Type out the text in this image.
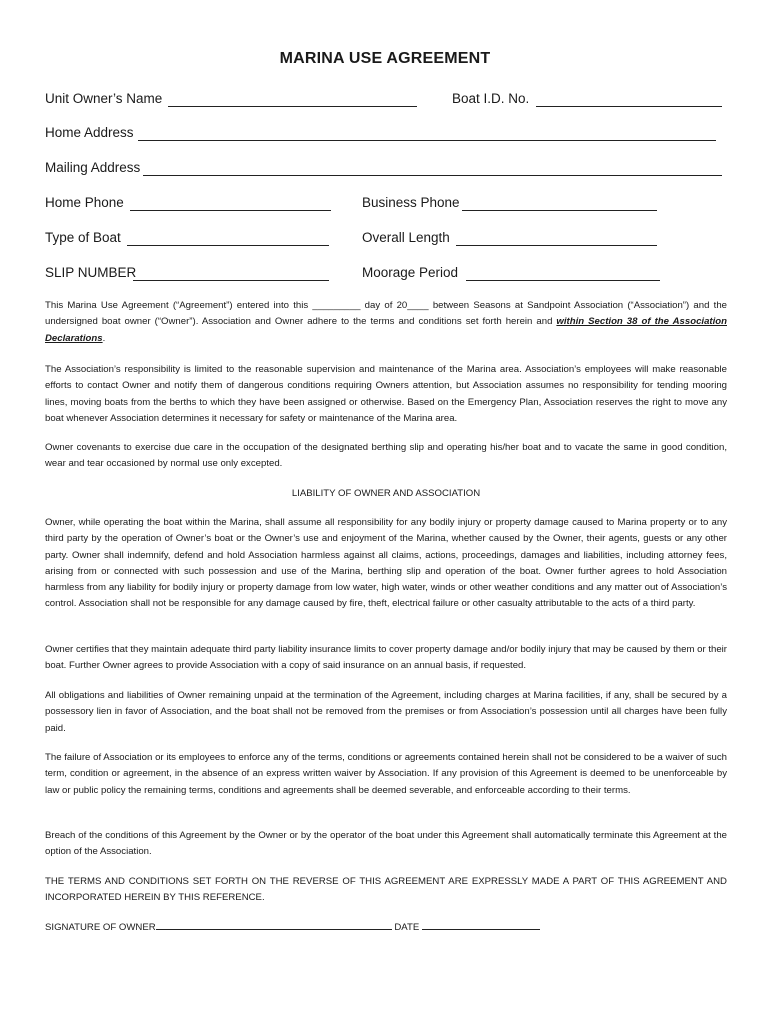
MARINA USE AGREEMENT
Unit Owner’s Name	Boat I.D. No.
Home Address
Mailing Address
Home Phone	Business Phone
Type of Boat	Overall Length
SLIP NUMBER	Moorage Period

This Marina Use Agreement (“Agreement”) entered into this _________ day of 20____ between Seasons at Sandpoint Association (“Association”) and the undersigned boat owner (“Owner”). Association and Owner adhere to the terms and conditions set forth herein and within Section 38 of the Association Declarations.

The Association’s responsibility is limited to the reasonable supervision and maintenance of the Marina area. Association’s employees will make reasonable efforts to contact Owner and notify them of dangerous conditions requiring Owners attention, but Association assumes no responsibility for tending mooring lines, moving boats from the berths to which they have been assigned or otherwise. Based on the Emergency Plan, Association reserves the right to move any boat whenever Association determines it necessary for safety or maintenance of the Marina area.

Owner covenants to exercise due care in the occupation of the designated berthing slip and operating his/her boat and to vacate the same in good condition, wear and tear occasioned by normal use only excepted.

LIABILITY OF OWNER AND ASSOCIATION

Owner, while operating the boat within the Marina, shall assume all responsibility for any bodily injury or property damage caused to Marina property or to any third party by the operation of Owner’s boat or the Owner’s use and enjoyment of the Marina, whether caused by the Owner, their agents, guests or any other party. Owner shall indemnify, defend and hold Association harmless against all claims, actions, proceedings, damages and liabilities, including attorney fees, arising from or connected with such possession and use of the Marina, berthing slip and operation of the boat. Owner further agrees to hold Association harmless from any liability for bodily injury or property damage from low water, high water, winds or other weather conditions and any matter out of Association’s control. Association shall not be responsible for any damage caused by fire, theft, electrical failure or other casualty attributable to the acts of a third party.

Owner certifies that they maintain adequate third party liability insurance limits to cover property damage and/or bodily injury that may be caused by them or their boat. Further Owner agrees to provide Association with a copy of said insurance on an annual basis, if requested.

All obligations and liabilities of Owner remaining unpaid at the termination of the Agreement, including charges at Marina facilities, if any, shall be secured by a possessory lien in favor of Association, and the boat shall not be removed from the premises or from Association’s possession until all charges have been fully paid.

The failure of Association or its employees to enforce any of the terms, conditions or agreements contained herein shall not be considered to be a waiver of such term, condition or agreement, in the absence of an express written waiver by Association. If any provision of this Agreement is deemed to be unenforceable by law or public policy the remaining terms, conditions and agreements shall be deemed severable, and enforceable according to their terms.

Breach of the conditions of this Agreement by the Owner or by the operator of the boat under this Agreement shall automatically terminate this Agreement at the option of the Association.

THE TERMS AND CONDITIONS SET FORTH ON THE REVERSE OF THIS AGREEMENT ARE EXPRESSLY MADE A PART OF THIS AGREEMENT AND INCORPORATED HEREIN BY THIS REFERENCE.

SIGNATURE OF OWNER	DATE
